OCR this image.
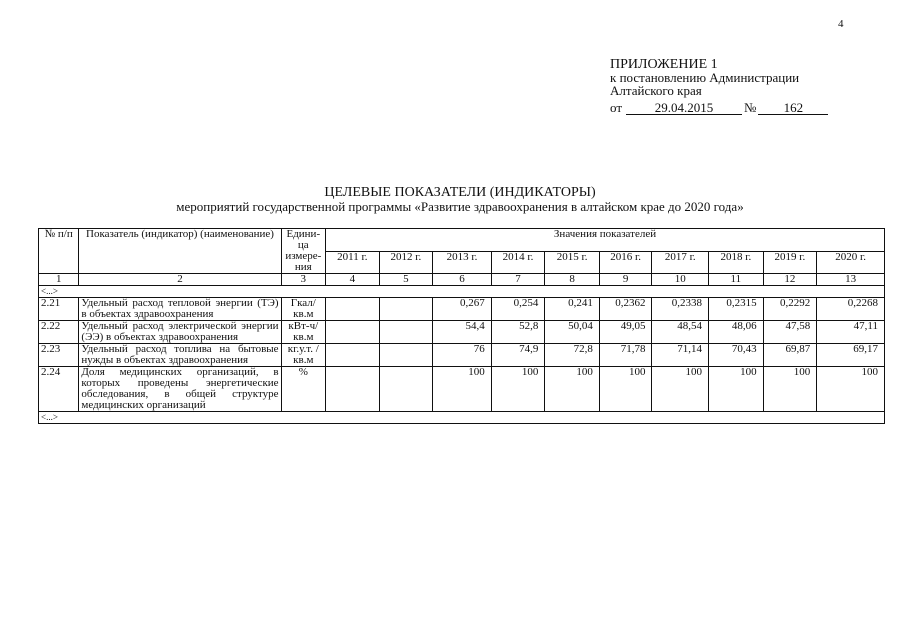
4
ПРИЛОЖЕНИЕ 1
к постановлению Администрации
Алтайского края
от	29.04.2015 № 162
ЦЕЛЕВЫЕ ПОКАЗАТЕЛИ (ИНДИКАТОРЫ)
мероприятий государственной программы «Развитие здравоохранения в алтайском крае до 2020 года»
№ п/п	Показатель (индикатор) (наименование)	Едини-ца измере-ния	Значения показателей									
			2011 г.	2012 г.	2013 г.	2014 г.	2015 г.	2016 г.	2017 г.	2018 г.	2019 г.	2020 г.
1	2	3	4	5	6	7	8	9	10	11	12	13
<...>												
2.21	Удельный расход тепловой энергии (ТЭ) в объектах здравоохранения	Гкал/ кв.м			0,267	0,254	0,241	0,2362	0,2338	0,2315	0,2292	0,2268
2.22	Удельный расход электрической энергии (ЭЭ) в объектах здравоохранения	кВт-ч/кв.м			54,4	52,8	50,04	49,05	48,54	48,06	47,58	47,11
2.23	Удельный расход топлива на бытовые нужды в объектах здравоохранения	кг.у.т. /кв.м			76	74,9	72,8	71,78	71,14	70,43	69,87	69,17
2.24	Доля медицинских организаций, в которых проведены энергетические обследования, в общей структуре медицинских организаций	%			100	100	100	100	100	100	100	100
<...>												
